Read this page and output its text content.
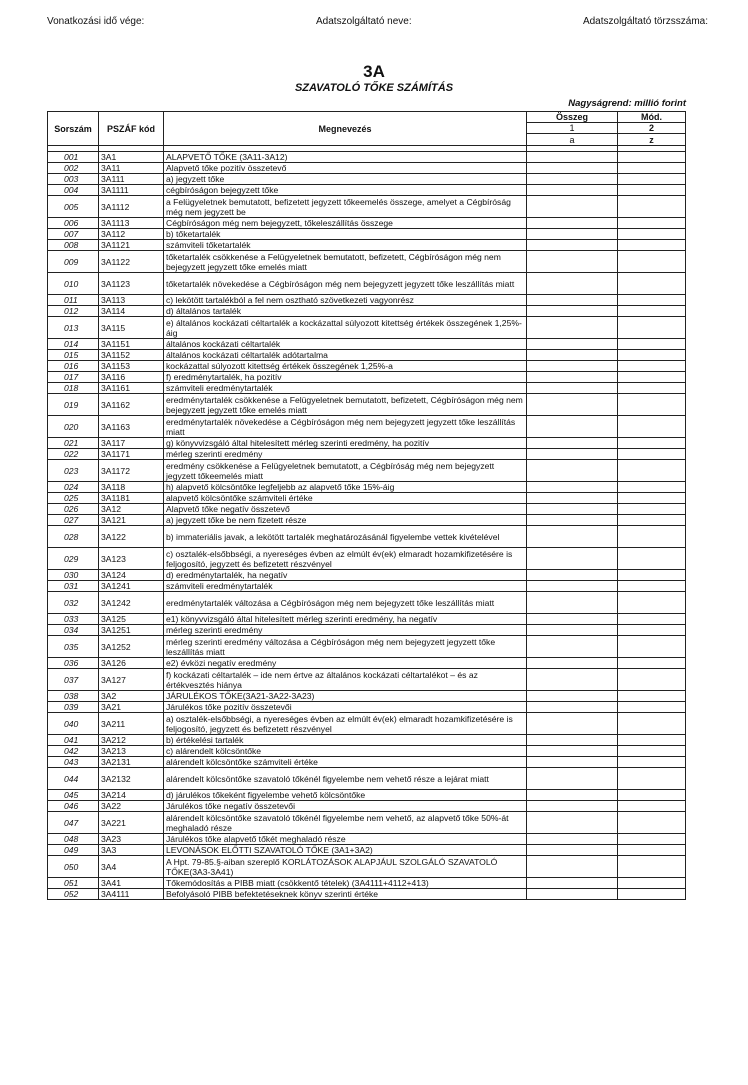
Vonatkozási idő vége:	Adatszolgáltató neve:	Adatszolgáltató törzsszáma:
3A
SZAVATOLÓ TŐKE SZÁMÍTÁS
Nagyságrend: millió forint
Sorszám	PSZÁF kód	Megnevezés	Összeg	Mód.
			1	2
			a	z

001	3A1	ALAPVETŐ TŐKE (3A11-3A12)		
002	3A11	Alapvető tőke pozitív összetevő		
003	3A111	a) jegyzett tőke		
004	3A1111	cégbíróságon bejegyzett tőke		
005	3A1112	a Felügyeletnek bemutatott, befizetett jegyzett tőkeemelés összege, amelyet a Cégbíróság még nem jegyzett be		
006	3A1113	Cégbíróságon még nem bejegyzett, tőkeleszállítás összege		
007	3A112	b) tőketartalék		
008	3A1121	számviteli tőketartalék		
009	3A1122	tőketartalék csökkenése a Felügyeletnek bemutatott, befizetett, Cégbíróságon még nem bejegyzett jegyzett tőke emelés miatt		
010	3A1123	tőketartalék növekedése a Cégbíróságon még nem bejegyzett jegyzett tőke leszállítás miatt		
011	3A113	c) lekötött tartalékból a fel nem osztható szövetkezeti vagyonrész		
012	3A114	d) általános tartalék		
013	3A115	e) általános kockázati céltartalék a kockázattal súlyozott kitettség értékek összegének 1,25%-áig		
014	3A1151	általános kockázati céltartalék		
015	3A1152	általános kockázati céltartalék adótartalma		
016	3A1153	kockázattal súlyozott kitettség értékek összegének 1,25%-a		
017	3A116	f) eredménytartalék, ha pozitív		
018	3A1161	számviteli eredménytartalék		
019	3A1162	eredménytartalék csökkenése a Felügyeletnek bemutatott, befizetett, Cégbíróságon még nem bejegyzett jegyzett tőke emelés miatt		
020	3A1163	eredménytartalék növekedése a Cégbíróságon még nem bejegyzett jegyzett tőke leszállítás miatt		
021	3A117	g) könyvvizsgáló által hitelesített mérleg szerinti eredmény, ha pozitív		
022	3A1171	mérleg szerinti eredmény		
023	3A1172	eredmény csökkenése a Felügyeletnek bemutatott, a Cégbíróság még nem bejegyzett jegyzett tőkeemelés miatt		
024	3A118	h) alapvető kölcsöntőke legfeljebb az alapvető tőke 15%-áig		
025	3A1181	alapvető kölcsöntőke számviteli értéke		
026	3A12	Alapvető tőke negatív összetevő		
027	3A121	a) jegyzett tőke be nem fizetett része		
028	3A122	b) immateriális javak, a lekötött tartalék meghatározásánál figyelembe vettek kivételével		
029	3A123	c) osztalék-elsőbbségi, a nyereséges évben az elmúlt év(ek) elmaradt hozamkifizetésére is feljogosító, jegyzett és befizetett részvényel		
030	3A124	d) eredménytartalék, ha negatív		
031	3A1241	számviteli eredménytartalék		
032	3A1242	eredménytartalék változása a Cégbíróságon még nem bejegyzett tőke leszállítás miatt		
033	3A125	e1) könyvvizsgáló által hitelesített mérleg szerinti eredmény, ha negatív		
034	3A1251	mérleg szerinti eredmény		
035	3A1252	mérleg szerinti eredmény változása a Cégbíróságon még nem bejegyzett jegyzett tőke leszállítás miatt		
036	3A126	e2) évközi negatív eredmény		
037	3A127	f) kockázati céltartalék – ide nem értve az általános kockázati céltartalékot – és az értékvesztés hiánya		
038	3A2	JÁRULÉKOS TŐKE(3A21-3A22-3A23)		
039	3A21	Járulékos tőke pozitív összetevői		
040	3A211	a) osztalék-elsőbbségi, a nyereséges évben az elmúlt év(ek) elmaradt hozamkifizetésére is feljogosító, jegyzett és befizetett részvényel		
041	3A212	b) értékelési tartalék		
042	3A213	c) alárendelt kölcsöntőke		
043	3A2131	alárendelt kölcsöntőke számviteli értéke		
044	3A2132	alárendelt kölcsöntőke szavatoló tőkénél figyelembe nem vehető része a lejárat miatt		
045	3A214	d) járulékos tőkeként figyelembe vehető kölcsöntőke		
046	3A22	Járulékos tőke negatív összetevői		
047	3A221	alárendelt kölcsöntőke szavatoló tőkénél figyelembe nem vehető, az alapvető tőke 50%-át meghaladó része		
048	3A23	Járulékos tőke alapvető tőkét meghaladó része		
049	3A3	LEVONÁSOK ELŐTTI SZAVATOLÓ TŐKE (3A1+3A2)		
050	3A4	A Hpt. 79-85.§-aiban szereplő KORLÁTOZÁSOK ALAPJÁUL SZOLGÁLÓ SZAVATOLÓ TŐKE(3A3-3A41)		
051	3A41	Tőkemódosítás a PIBB miatt (csökkentő tételek) (3A4111+4112+413)		
052	3A4111	Befolyásoló PIBB befektetéseknek könyv szerinti értéke		
